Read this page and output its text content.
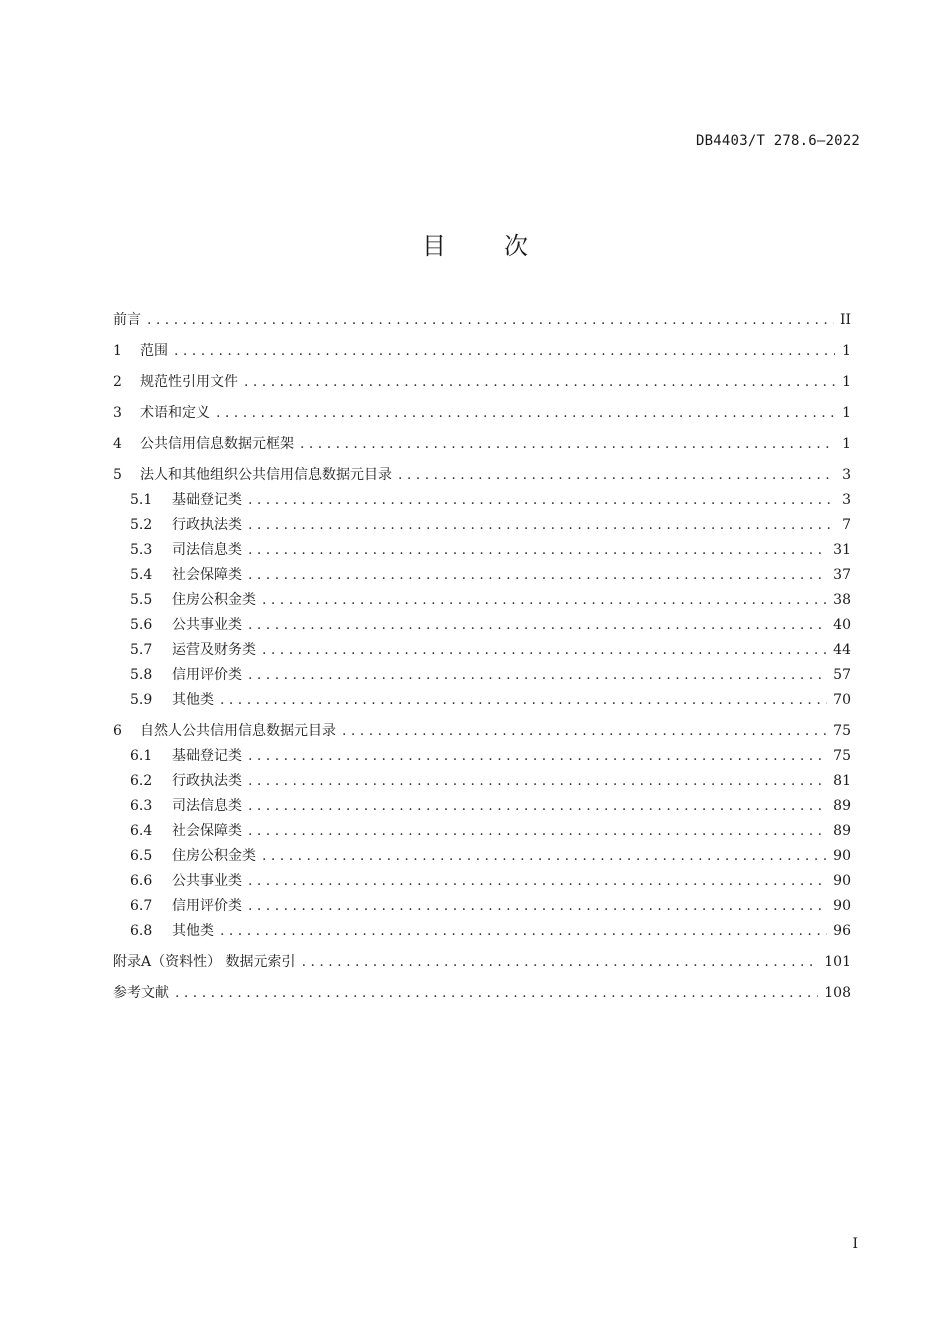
DB4403/T 278.6—2022
目次
前言 . . .	II
1	范围 . . .	1
2	规范性引用文件 . . .	1
3	术语和定义 . . .	1
4	公共信用信息数据元框架 . . .	1
5	法人和其他组织公共信用信息数据元目录 . . .	3
5.1	基础登记类 . . .	3
5.2	行政执法类 . . .	7
5.3	司法信息类 . . .	31
5.4	社会保障类 . . .	37
5.5	住房公积金类 . . .	38
5.6	公共事业类 . . .	40
5.7	运营及财务类 . . .	44
5.8	信用评价类 . . .	57
5.9	其他类 . . .	70
6	自然人公共信用信息数据元目录 . . .	75
6.1	基础登记类 . . .	75
6.2	行政执法类 . . .	81
6.3	司法信息类 . . .	89
6.4	社会保障类 . . .	89
6.5	住房公积金类 . . .	90
6.6	公共事业类 . . .	90
6.7	信用评价类 . . .	90
6.8	其他类 . . .	96
附录A（资料性） 数据元索引 . . .	101
参考文献 . . .	108
I
